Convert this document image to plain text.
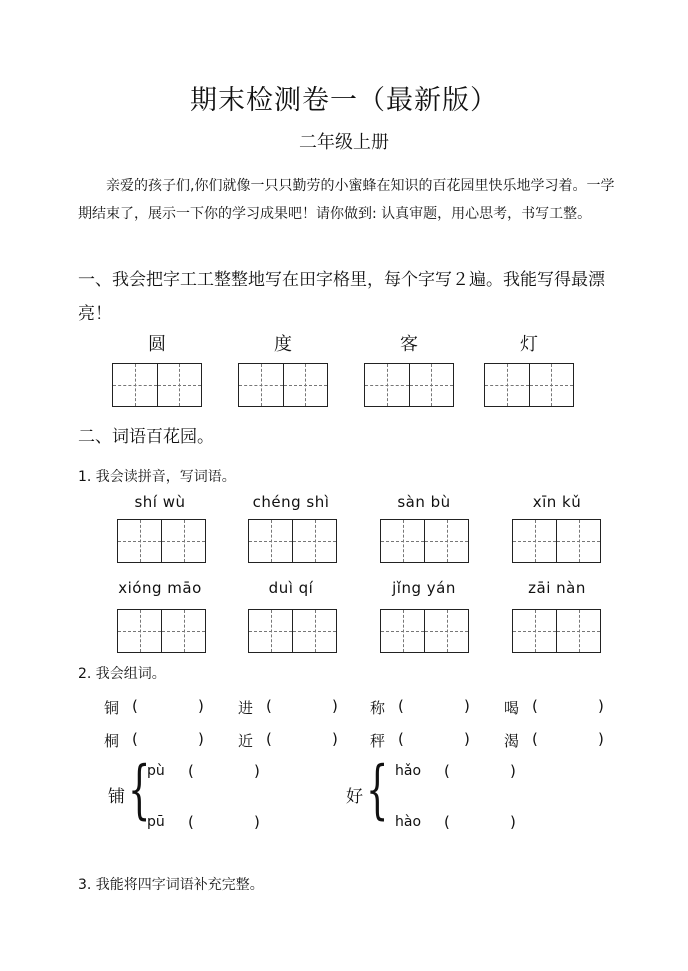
期末检测卷一（最新版）
二年级上册
亲爱的孩子们,你们就像一只只勤劳的小蜜蜂在知识的百花园里快乐地学习着。一学期结束了，展示一下你的学习成果吧！请你做到: 认真审题，用心思考，书写工整。
一、我会把字工工整整地写在田字格里，每个字写２遍。我能写得最漂亮！
圆	度	客	灯
二、词语百花园。
1. 我会读拼音，写词语。
shí wù	chéng shì	sàn bù	xīn kǔ
xióng māo	duì qí	jǐng yán	zāi nàn
2. 我会组词。
铜 (	) 进 (	) 称 (	) 喝 (	)
桐 (	) 近 (	) 秤 (	) 渴 (	)
铺 {
pù (	)
pū (	)
好 { hǎo (	)
hào (	)
3. 我能将四字词语补充完整。
